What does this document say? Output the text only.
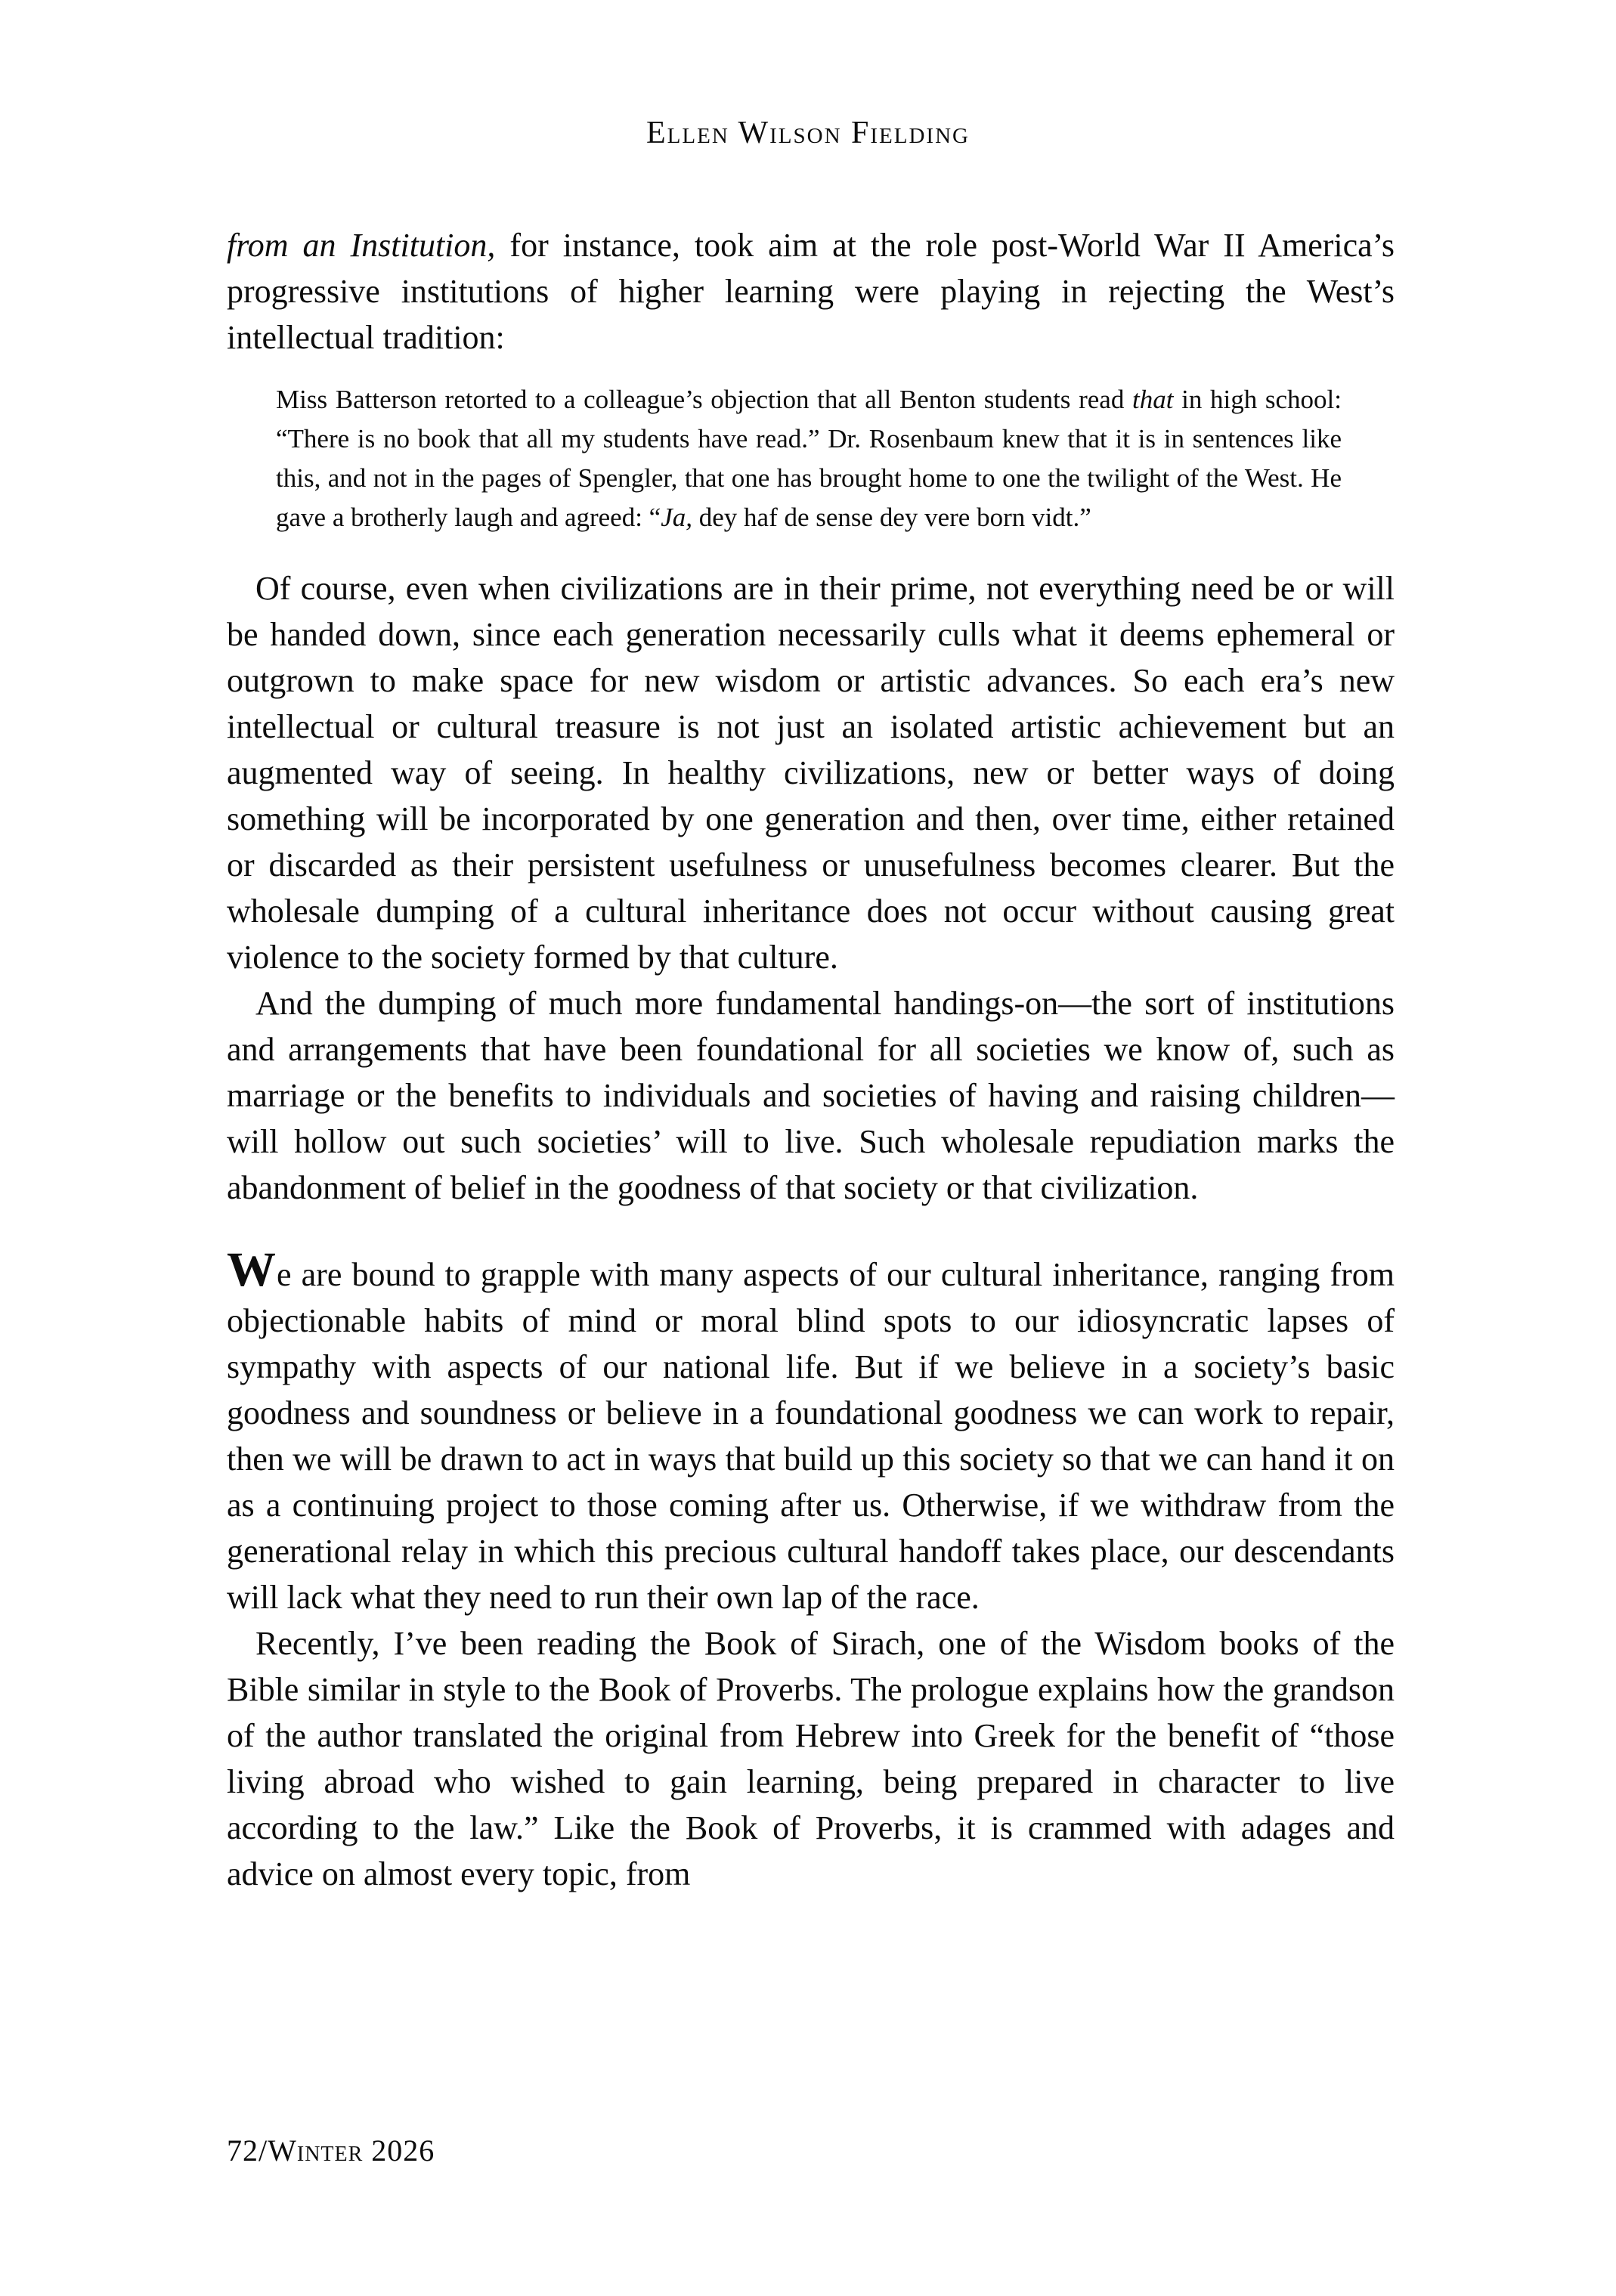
Ellen Wilson Fielding

from an Institution, for instance, took aim at the role post-World War II America’s progressive institutions of higher learning were playing in rejecting the West’s intellectual tradition:

Miss Batterson retorted to a colleague’s objection that all Benton students read that in high school: “There is no book that all my students have read.” Dr. Rosenbaum knew that it is in sentences like this, and not in the pages of Spengler, that one has brought home to one the twilight of the West. He gave a brotherly laugh and agreed: “Ja, dey haf de sense dey vere born vidt.”

Of course, even when civilizations are in their prime, not everything need be or will be handed down, since each generation necessarily culls what it deems ephemeral or outgrown to make space for new wisdom or artistic advances. So each era’s new intellectual or cultural treasure is not just an isolated artistic achievement but an augmented way of seeing. In healthy civilizations, new or better ways of doing something will be incorporated by one generation and then, over time, either retained or discarded as their persistent usefulness or unusefulness becomes clearer. But the wholesale dumping of a cultural inheritance does not occur without causing great violence to the society formed by that culture.

And the dumping of much more fundamental handings-on—the sort of institutions and arrangements that have been foundational for all societies we know of, such as marriage or the benefits to individuals and societies of having and raising children—will hollow out such societies’ will to live. Such wholesale repudiation marks the abandonment of belief in the goodness of that society or that civilization.

We are bound to grapple with many aspects of our cultural inheritance, ranging from objectionable habits of mind or moral blind spots to our idiosyncratic lapses of sympathy with aspects of our national life. But if we believe in a society’s basic goodness and soundness or believe in a foundational goodness we can work to repair, then we will be drawn to act in ways that build up this society so that we can hand it on as a continuing project to those coming after us. Otherwise, if we withdraw from the generational relay in which this precious cultural handoff takes place, our descendants will lack what they need to run their own lap of the race.

Recently, I’ve been reading the Book of Sirach, one of the Wisdom books of the Bible similar in style to the Book of Proverbs. The prologue explains how the grandson of the author translated the original from Hebrew into Greek for the benefit of “those living abroad who wished to gain learning, being prepared in character to live according to the law.” Like the Book of Proverbs, it is crammed with adages and advice on almost every topic, from

72/Winter 2026
